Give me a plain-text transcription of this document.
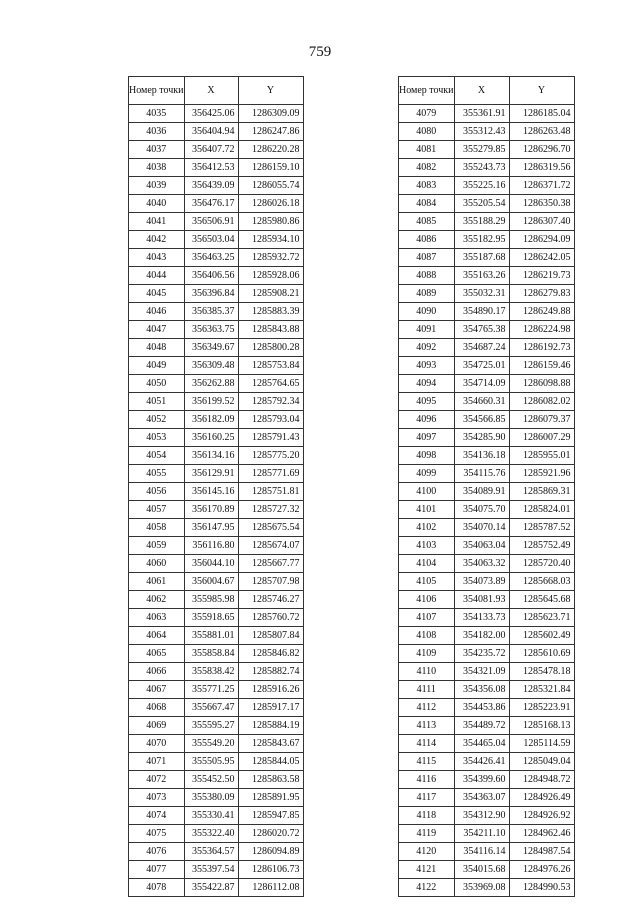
759
Номер точки	X	Y
4035	356425.06	1286309.09
4036	356404.94	1286247.86
4037	356407.72	1286220.28
4038	356412.53	1286159.10
4039	356439.09	1286055.74
4040	356476.17	1286026.18
4041	356506.91	1285980.86
4042	356503.04	1285934.10
4043	356463.25	1285932.72
4044	356406.56	1285928.06
4045	356396.84	1285908.21
4046	356385.37	1285883.39
4047	356363.75	1285843.88
4048	356349.67	1285800.28
4049	356309.48	1285753.84
4050	356262.88	1285764.65
4051	356199.52	1285792.34
4052	356182.09	1285793.04
4053	356160.25	1285791.43
4054	356134.16	1285775.20
4055	356129.91	1285771.69
4056	356145.16	1285751.81
4057	356170.89	1285727.32
4058	356147.95	1285675.54
4059	356116.80	1285674.07
4060	356044.10	1285667.77
4061	356004.67	1285707.98
4062	355985.98	1285746.27
4063	355918.65	1285760.72
4064	355881.01	1285807.84
4065	355858.84	1285846.82
4066	355838.42	1285882.74
4067	355771.25	1285916.26
4068	355667.47	1285917.17
4069	355595.27	1285884.19
4070	355549.20	1285843.67
4071	355505.95	1285844.05
4072	355452.50	1285863.58
4073	355380.09	1285891.95
4074	355330.41	1285947.85
4075	355322.40	1286020.72
4076	355364.57	1286094.89
4077	355397.54	1286106.73
4078	355422.87	1286112.08
Номер точки	X	Y
4079	355361.91	1286185.04
4080	355312.43	1286263.48
4081	355279.85	1286296.70
4082	355243.73	1286319.56
4083	355225.16	1286371.72
4084	355205.54	1286350.38
4085	355188.29	1286307.40
4086	355182.95	1286294.09
4087	355187.68	1286242.05
4088	355163.26	1286219.73
4089	355032.31	1286279.83
4090	354890.17	1286249.88
4091	354765.38	1286224.98
4092	354687.24	1286192.73
4093	354725.01	1286159.46
4094	354714.09	1286098.88
4095	354660.31	1286082.02
4096	354566.85	1286079.37
4097	354285.90	1286007.29
4098	354136.18	1285955.01
4099	354115.76	1285921.96
4100	354089.91	1285869.31
4101	354075.70	1285824.01
4102	354070.14	1285787.52
4103	354063.04	1285752.49
4104	354063.32	1285720.40
4105	354073.89	1285668.03
4106	354081.93	1285645.68
4107	354133.73	1285623.71
4108	354182.00	1285602.49
4109	354235.72	1285610.69
4110	354321.09	1285478.18
4111	354356.08	1285321.84
4112	354453.86	1285223.91
4113	354489.72	1285168.13
4114	354465.04	1285114.59
4115	354426.41	1285049.04
4116	354399.60	1284948.72
4117	354363.07	1284926.49
4118	354312.90	1284926.92
4119	354211.10	1284962.46
4120	354116.14	1284987.54
4121	354015.68	1284976.26
4122	353969.08	1284990.53
